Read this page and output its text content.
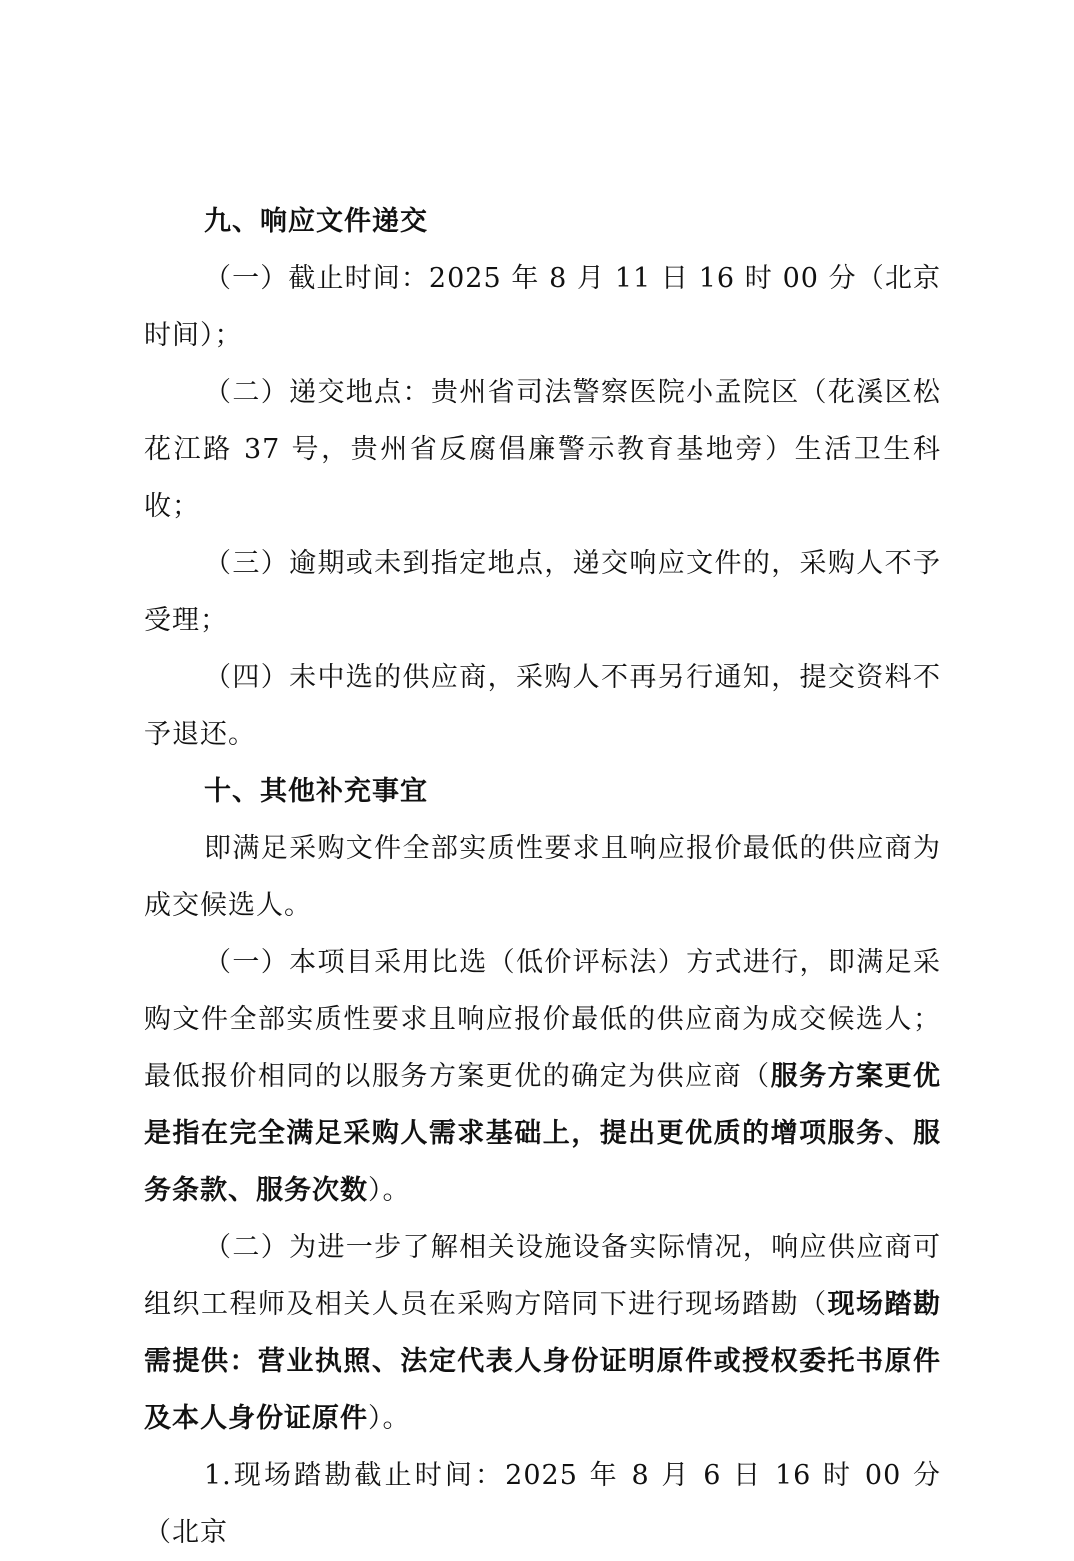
九、响应文件递交

（一）截止时间：2025 年 8 月 11 日 16 时 00 分（北京时间）；

（二）递交地点：贵州省司法警察医院小孟院区（花溪区松花江路 37 号，贵州省反腐倡廉警示教育基地旁）生活卫生科收；

（三）逾期或未到指定地点，递交响应文件的，采购人不予受理；

（四）未中选的供应商，采购人不再另行通知，提交资料不予退还。

十、其他补充事宜

即满足采购文件全部实质性要求且响应报价最低的供应商为成交候选人。

（一）本项目采用比选（低价评标法）方式进行，即满足采购文件全部实质性要求且响应报价最低的供应商为成交候选人；最低报价相同的以服务方案更优的确定为供应商（服务方案更优是指在完全满足采购人需求基础上，提出更优质的增项服务、服务条款、服务次数）。

（二）为进一步了解相关设施设备实际情况，响应供应商可组织工程师及相关人员在采购方陪同下进行现场踏勘（现场踏勘需提供：营业执照、法定代表人身份证明原件或授权委托书原件及本人身份证原件）。

1.现场踏勘截止时间：2025 年 8 月 6 日 16 时 00 分（北京
